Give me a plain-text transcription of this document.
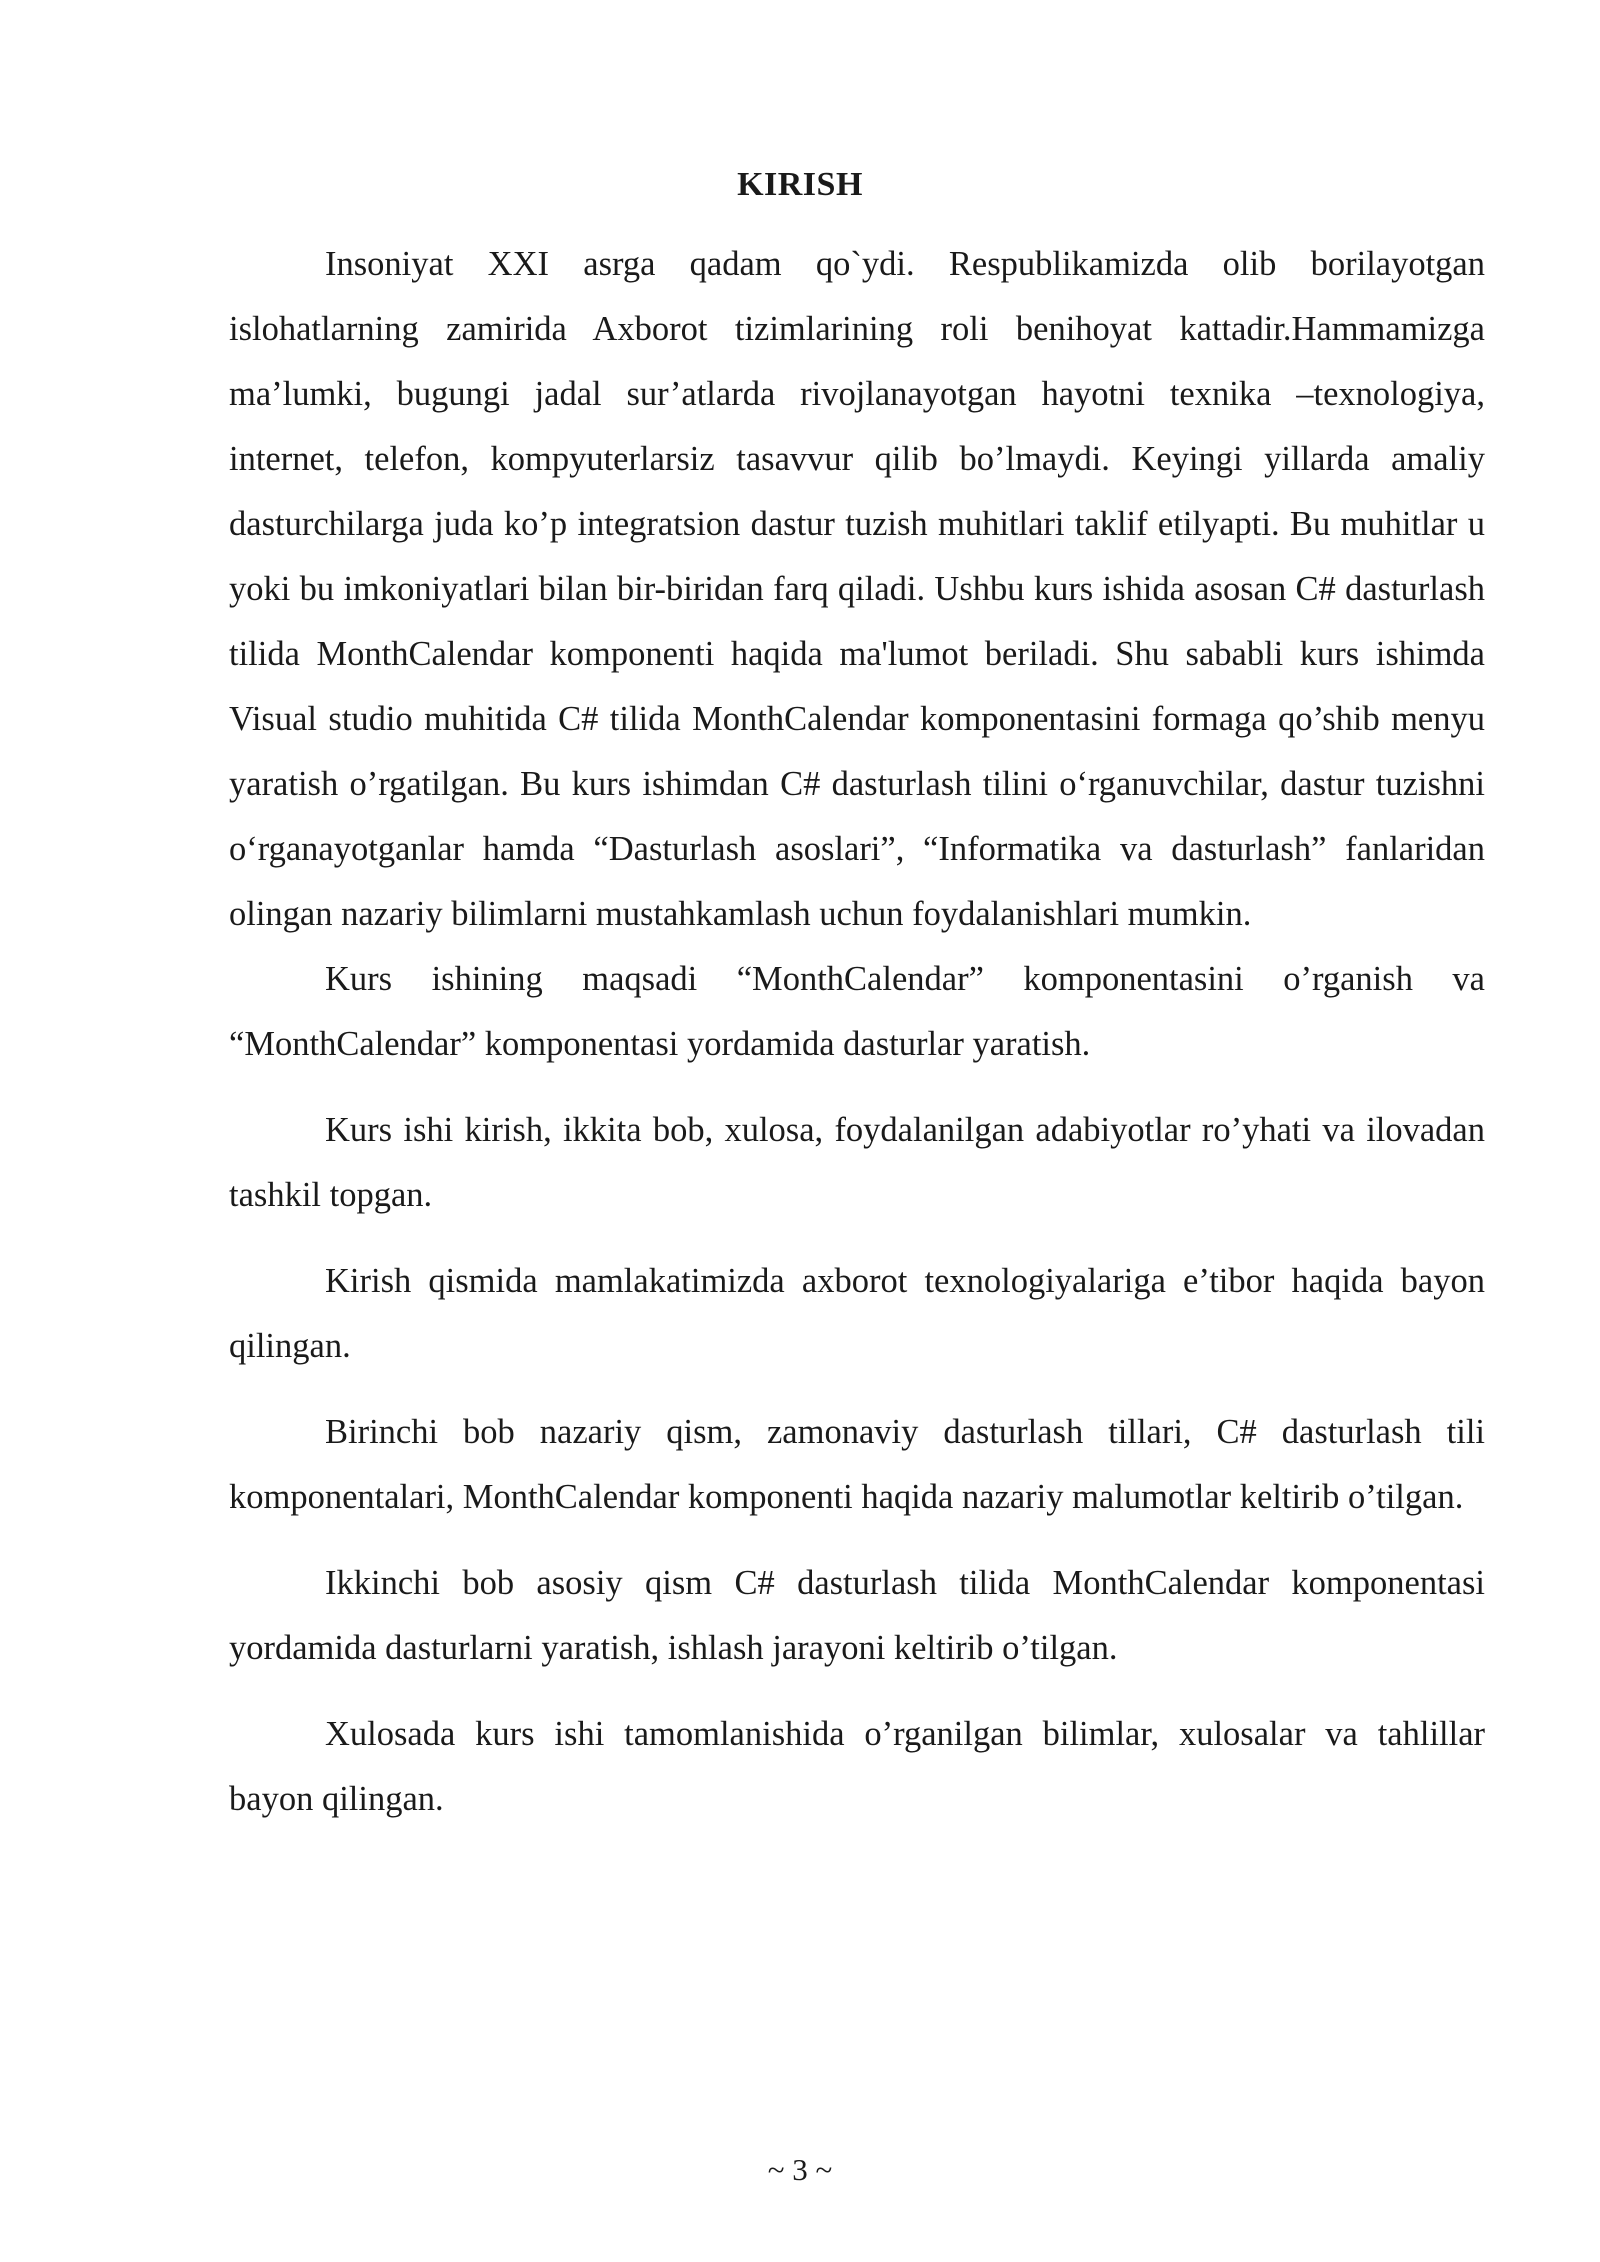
KIRISH

Insoniyat XXI asrga qadam qo`ydi. Respublikamizda olib borilayotgan islohatlarning zamirida Axborot tizimlarining roli benihoyat kattadir.Hammamizga ma’lumki, bugungi jadal sur’atlarda rivojlanayotgan hayotni texnika –texnologiya, internet, telefon, kompyuterlarsiz tasavvur qilib bo’lmaydi. Keyingi yillarda amaliy dasturchilarga juda ko’p integratsion dastur tuzish muhitlari taklif etilyapti. Bu muhitlar u yoki bu imkoniyatlari bilan bir-biridan farq qiladi. Ushbu kurs ishida asosan C# dasturlash tilida MonthCalendar komponenti haqida ma'lumot beriladi. Shu sababli kurs ishimda Visual studio muhitida C# tilida MonthCalendar komponentasini formaga qo’shib menyu yaratish o’rgatilgan. Bu kurs ishimdan C# dasturlash tilini o‘rganuvchilar, dastur tuzishni o‘rganayotganlar hamda “Dasturlash asoslari”, “Informatika va dasturlash” fanlaridan olingan nazariy bilimlarni mustahkamlash uchun foydalanishlari mumkin.

Kurs ishining maqsadi “MonthCalendar” komponentasini o’rganish va “MonthCalendar” komponentasi yordamida dasturlar yaratish.

Kurs ishi kirish, ikkita bob, xulosa, foydalanilgan adabiyotlar ro’yhati va ilovadan tashkil topgan.

Kirish qismida mamlakatimizda axborot texnologiyalariga e’tibor haqida bayon qilingan.

Birinchi bob nazariy qism, zamonaviy dasturlash tillari, C# dasturlash tili komponentalari, MonthCalendar komponenti haqida nazariy malumotlar keltirib o’tilgan.

Ikkinchi bob asosiy qism C# dasturlash tilida MonthCalendar komponentasi yordamida dasturlarni yaratish, ishlash jarayoni keltirib o’tilgan.

Xulosada kurs ishi tamomlanishida o’rganilgan bilimlar, xulosalar va tahlillar bayon qilingan.

~ 3 ~
